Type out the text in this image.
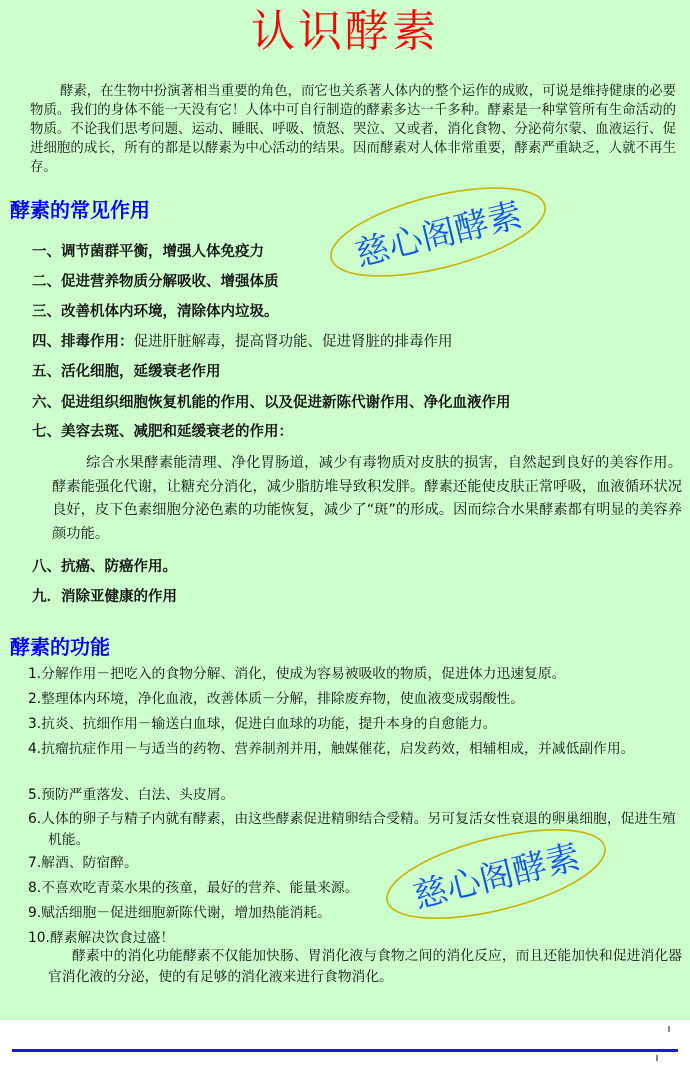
认识酵素
酵素，在生物中扮演著相当重要的角色，而它也关系著人体内的整个运作的成败，可说是维持健康的必要物质。我们的身体不能一天没有它！人体中可自行制造的酵素多达一千多种。酵素是一种掌管所有生命活动的物质。不论我们思考问题、运动、睡眠、呼吸、愤怒、哭泣、又或者，消化食物、分泌荷尔蒙、血液运行、促进细胞的成长，所有的都是以酵素为中心活动的结果。因而酵素对人体非常重要，酵素严重缺乏，人就不再生存。
酵素的常见作用
一、调节菌群平衡，增强人体免疫力
二、促进营养物质分解吸收、增强体质
三、改善机体内环境，清除体内垃圾。
四、排毒作用：促进肝脏解毒，提高肾功能、促进肾脏的排毒作用
五、活化细胞，延缓衰老作用
六、促进组织细胞恢复机能的作用、以及促进新陈代谢作用、净化血液作用
七、美容去斑、减肥和延缓衰老的作用：
综合水果酵素能清理、净化胃肠道，减少有毒物质对皮肤的损害，自然起到良好的美容作用。酵素能强化代谢，让糖充分消化，减少脂肪堆导致积发胖。酵素还能使皮肤正常呼吸，血液循环状况良好，皮下色素细胞分泌色素的功能恢复，减少了“斑”的形成。因而综合水果酵素都有明显的美容养颜功能。
八、抗癌、防癌作用。
九．消除亚健康的作用
酵素的功能
1.分解作用－把吃入的食物分解、消化，使成为容易被吸收的物质，促进体力迅速复原。
2.整理体内环境，净化血液，改善体质－分解，排除废弃物，使血液变成弱酸性。
3.抗炎、抗细作用－输送白血球，促进白血球的功能，提升本身的自愈能力。
4.抗瘤抗症作用－与适当的药物、营养制剂并用，触媒催花，启发药效，相辅相成，并减低副作用。
5.预防严重落发、白法、头皮屑。
6.人体的卵子与精子内就有酵素，由这些酵素促进精卵结合受精。另可复活女性衰退的卵巢细胞，促进生殖机能。
7.解酒、防宿醉。
8.不喜欢吃青菜水果的孩童，最好的营养、能量来源。
9.赋活细胞－促进细胞新陈代谢，增加热能消耗。
10.酵素解决饮食过盛！
酵素中的消化功能酵素不仅能加快肠、胃消化液与食物之间的消化反应，而且还能加快和促进消化器官消化液的分泌，使的有足够的消化液来进行食物消化。
慈心阁酵素
慈心阁酵素
